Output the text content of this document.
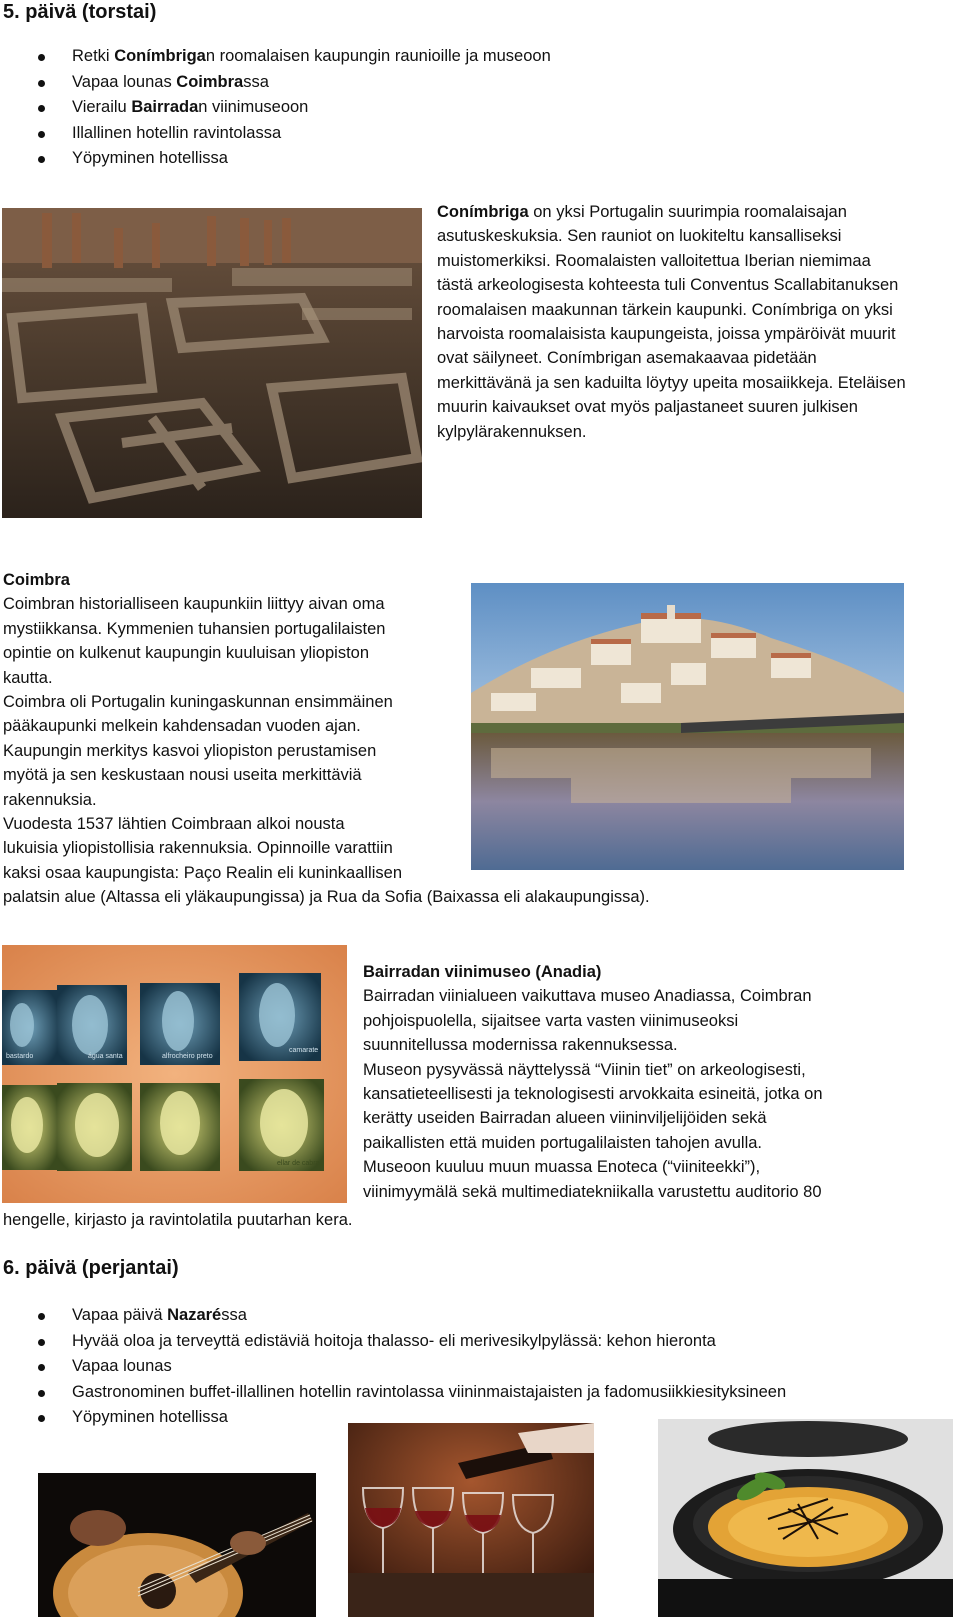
5. päivä (torstai)
Retki Conímbrigan roomalaisen kaupungin raunioille ja museoon
Vapaa lounas Coimbrassa
Vierailu Bairradan viinimuseoon
Illallinen hotellin ravintolassa
Yöpyminen hotellissa

Conímbriga on yksi Portugalin suurimpia roomalaisajan asutuskeskuksia. Sen rauniot on luokiteltu kansalliseksi muistomerkiksi. Roomalaisten valloitettua Iberian niemimaa tästä arkeologisesta kohteesta tuli Conventus Scallabitanuksen roomalaisen maakunnan tärkein kaupunki. Conímbriga on yksi harvoista roomalaisista kaupungeista, joissa ympäröivät muurit ovat säilyneet. Conímbrigan asemakaavaa pidetään merkittävänä ja sen kaduilta löytyy upeita mosaiikkeja. Eteläisen muurin kaivaukset ovat myös paljastaneet suuren julkisen kylpylärakennuksen.

Coimbra
Coimbran historialliseen kaupunkiin liittyy aivan oma
mystiikkansa. Kymmenien tuhansien portugalilaisten
opintie on kulkenut kaupungin kuuluisan yliopiston
kautta.
Coimbra oli Portugalin kuningaskunnan ensimmäinen
pääkaupunki melkein kahdensadan vuoden ajan.
Kaupungin merkitys kasvoi yliopiston perustamisen
myötä ja sen keskustaan nousi useita merkittäviä
rakennuksia.
Vuodesta 1537 lähtien Coimbraan alkoi nousta
lukuisia yliopistollisia rakennuksia. Opinnoille varattiin
kaksi osaa kaupungista: Paço Realin eli kuninkaallisen
palatsin alue (Altassa eli yläkaupungissa) ja Rua da Sofia (Baixassa eli alakaupungissa).
bastardo	água santa	alfrocheiro preto
camarate
ellar de cabra
Bairradan viinimuseo (Anadia)
Bairradan viinialueen vaikuttava museo Anadiassa, Coimbran
pohjoispuolella, sijaitsee varta vasten viinimuseoksi
suunnitellussa modernissa rakennuksessa.
Museon pysyvässä näyttelyssä “Viinin tiet” on arkeologisesti,
kansatieteellisesti ja teknologisesti arvokkaita esineitä, jotka on
kerätty useiden Bairradan alueen viininviljelijöiden sekä
paikallisten että muiden portugalilaisten tahojen avulla.
Museoon kuuluu muun muassa Enoteca (“viiniteekki”),
viinimyymälä sekä multimediatekniikalla varustettu auditorio 80
hengelle, kirjasto ja ravintolatila puutarhan kera.
6. päivä (perjantai)
Vapaa päivä Nazaréssa
Hyvää oloa ja terveyttä edistäviä hoitoja thalasso- eli merivesikylpylässä: kehon hieronta
Vapaa lounas
Gastronominen buffet-illallinen hotellin ravintolassa viininmaistajaisten ja fadomusiikkiesityksineen
Yöpyminen hotellissa
